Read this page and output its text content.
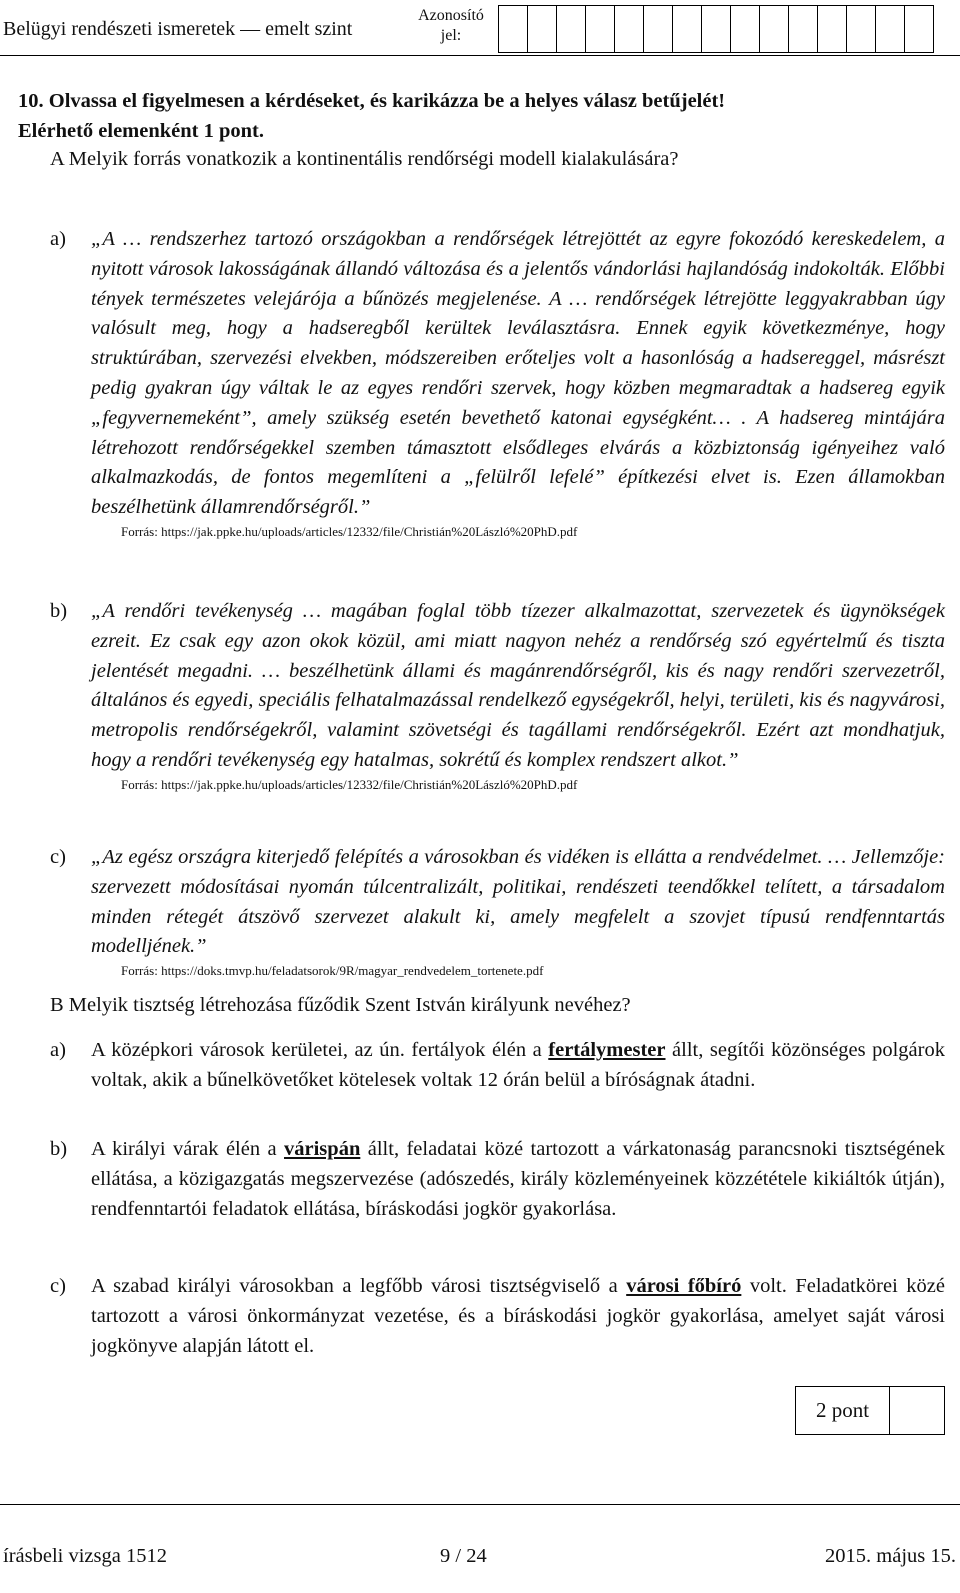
Belügyi rendészeti ismeretek — emelt szint
Azonosító jel:
10. Olvassa el figyelmesen a kérdéseket, és karikázza be a helyes válasz betűjelét!
Elérhető elemenként 1 pont.
A Melyik forrás vonatkozik a kontinentális rendőrségi modell kialakulására?
a) „A … rendszerhez tartozó országokban a rendőrségek létrejöttét az egyre fokozódó kereskedelem, a nyitott városok lakosságának állandó változása és a jelentős vándorlási hajlandóság indokolták. Előbbi tények természetes velejárója a bűnözés megjelenése. A … rendőrségek létrejötte leggyakrabban úgy valósult meg, hogy a hadseregből kerültek leválasztásra. Ennek egyik következménye, hogy struktúrában, szervezési elvekben, módszereiben erőteljes volt a hasonlóság a hadsereggel, másrészt pedig gyakran úgy váltak le az egyes rendőri szervek, hogy közben megmaradtak a hadsereg egyik „fegyvernemeként”, amely szükség esetén bevethető katonai egységként… . A hadsereg mintájára létrehozott rendőrségekkel szemben támasztott elsődleges elvárás a közbiztonság igényeihez való alkalmazkodás, de fontos megemlíteni a „felülről lefelé” építkezési elvet is. Ezen államokban beszélhetünk államrendőrségről.”
Forrás: https://jak.ppke.hu/uploads/articles/12332/file/Christián%20László%20PhD.pdf
b) „A rendőri tevékenység … magában foglal több tízezer alkalmazottat, szervezetek és ügynökségek ezreit. Ez csak egy azon okok közül, ami miatt nagyon nehéz a rendőrség szó egyértelmű és tiszta jelentését megadni. … beszélhetünk állami és magánrendőrségről, kis és nagy rendőri szervezetről, általános és egyedi, speciális felhatalmazással rendelkező egységekről, helyi, területi, kis és nagyvárosi, metropolis rendőrségekről, valamint szövetségi és tagállami rendőrségekről. Ezért azt mondhatjuk, hogy a rendőri tevékenység egy hatalmas, sokrétű és komplex rendszert alkot.”
Forrás: https://jak.ppke.hu/uploads/articles/12332/file/Christián%20László%20PhD.pdf
c) „Az egész országra kiterjedő felépítés a városokban és vidéken is ellátta a rendvédelmet. … Jellemzője: szervezett módosításai nyomán túlcentralizált, politikai, rendészeti teendőkkel telített, a társadalom minden rétegét átszövő szervezet alakult ki, amely megfelelt a szovjet típusú rendfenntartás modelljének.”
Forrás: https://doks.tmvp.hu/feladatsorok/9R/magyar_rendvedelem_tortenete.pdf
B Melyik tisztség létrehozása fűződik Szent István királyunk nevéhez?
a) A középkori városok kerületei, az ún. fertályok élén a fertálymester állt, segítői közönséges polgárok voltak, akik a bűnelkövetőket kötelesek voltak 12 órán belül a bíróságnak átadni.
b) A királyi várak élén a várispán állt, feladatai közé tartozott a várkatonaság parancsnoki tisztségének ellátása, a közigazgatás megszervezése (adószedés, király közleményeinek közzététele kikiáltók útján), rendfenntartói feladatok ellátása, bíráskodási jogkör gyakorlása.
c) A szabad királyi városokban a legfőbb városi tisztségviselő a városi főbíró volt. Feladatkörei közé tartozott a városi önkormányzat vezetése, és a bíráskodási jogkör gyakorlása, amelyet saját városi jogkönyve alapján látott el.
2 pont
írásbeli vizsga 1512	9 / 24	2015. május 15.
